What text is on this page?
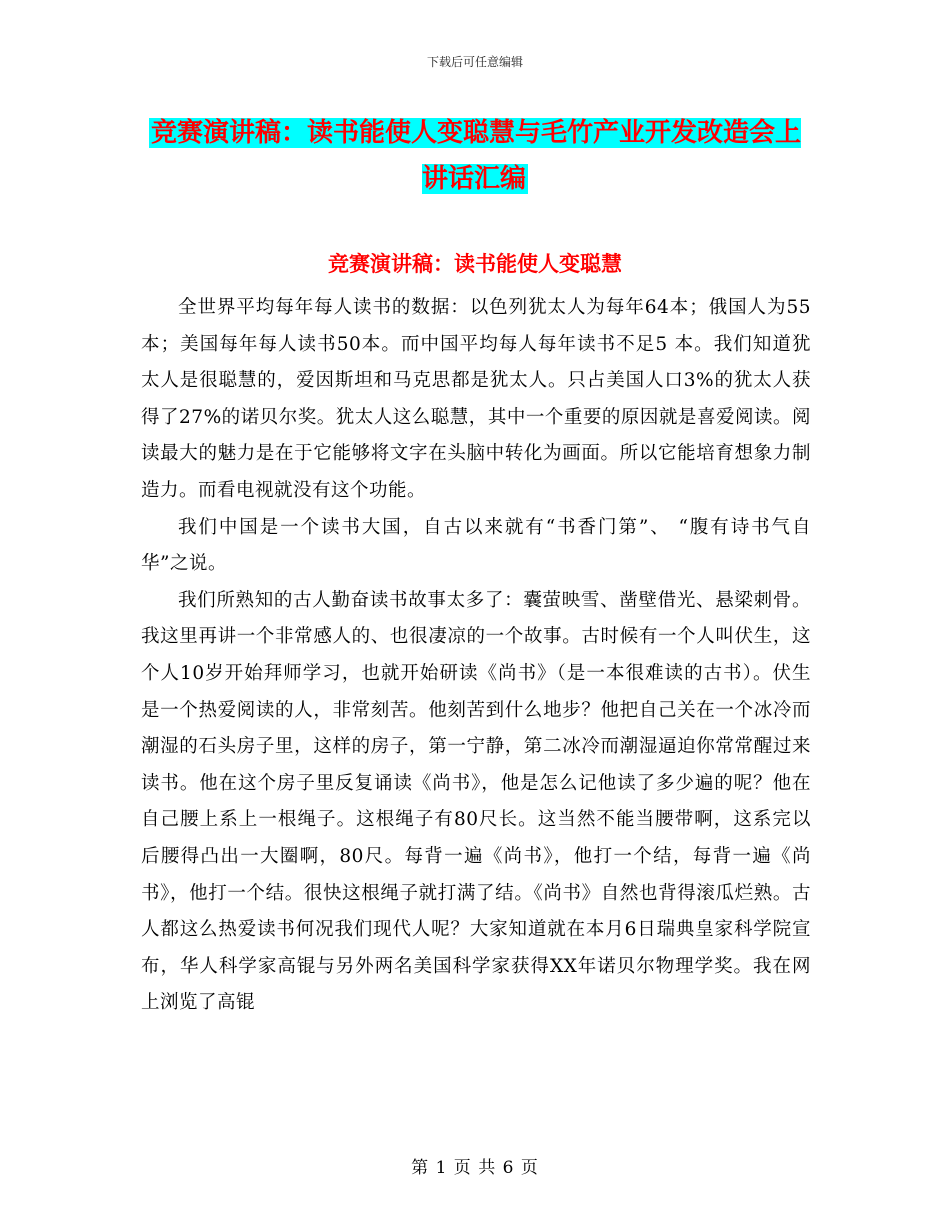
下载后可任意编辑
竞赛演讲稿：读书能使人变聪慧与毛竹产业开发改造会上讲话汇编
竞赛演讲稿：读书能使人变聪慧

全世界平均每年每人读书的数据：以色列犹太人为每年64本；俄国人为55本；美国每年每人读书50本。而中国平均每人每年读书不足5 本。我们知道犹太人是很聪慧的，爱因斯坦和马克思都是犹太人。只占美国人口3%的犹太人获得了27%的诺贝尔奖。犹太人这么聪慧，其中一个重要的原因就是喜爱阅读。阅读最大的魅力是在于它能够将文字在头脑中转化为画面。所以它能培育想象力制造力。而看电视就没有这个功能。

我们中国是一个读书大国，自古以来就有“书香门第”、 “腹有诗书气自华”之说。

我们所熟知的古人勤奋读书故事太多了：囊萤映雪、凿壁借光、悬梁刺骨。我这里再讲一个非常感人的、也很凄凉的一个故事。古时候有一个人叫伏生，这个人10岁开始拜师学习，也就开始研读《尚书》（是一本很难读的古书）。伏生是一个热爱阅读的人，非常刻苦。他刻苦到什么地步？他把自己关在一个冰冷而潮湿的石头房子里，这样的房子，第一宁静，第二冰冷而潮湿逼迫你常常醒过来读书。他在这个房子里反复诵读《尚书》，他是怎么记他读了多少遍的呢？他在自己腰上系上一根绳子。这根绳子有80尺长。这当然不能当腰带啊，这系完以后腰得凸出一大圈啊，80尺。每背一遍《尚书》，他打一个结，每背一遍《尚书》，他打一个结。很快这根绳子就打满了结。《尚书》自然也背得滚瓜烂熟。古人都这么热爱读书何况我们现代人呢？大家知道就在本月6日瑞典皇家科学院宣布，华人科学家高锟与另外两名美国科学家获得XX年诺贝尔物理学奖。我在网上浏览了高锟

第 1 页 共 6 页
